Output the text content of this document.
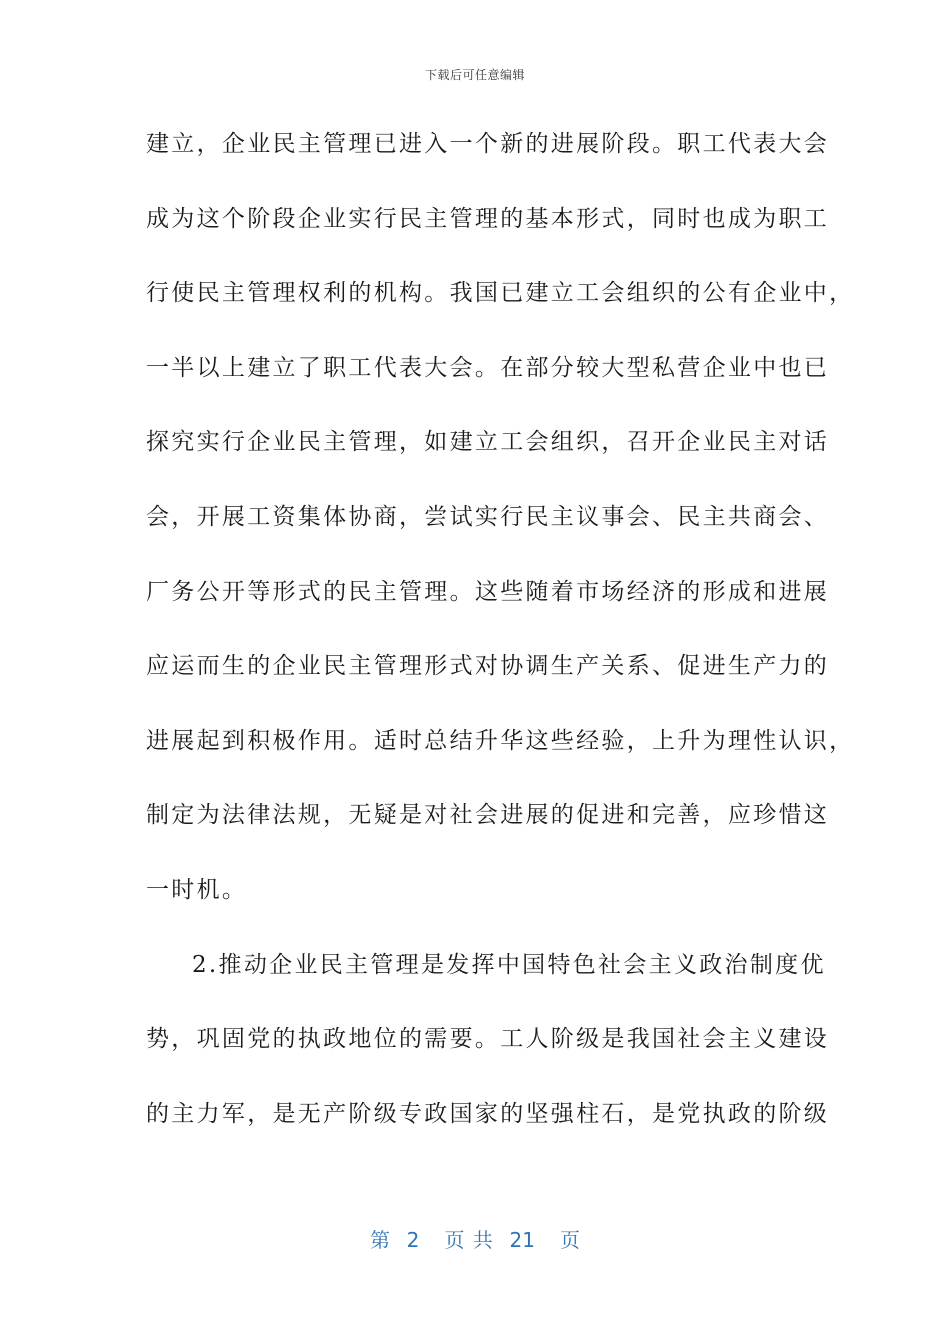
下载后可任意编辑
建立，企业民主管理已进入一个新的进展阶段。职工代表大会
成为这个阶段企业实行民主管理的基本形式，同时也成为职工
行使民主管理权利的机构。我国已建立工会组织的公有企业中，
一半以上建立了职工代表大会。在部分较大型私营企业中也已
探究实行企业民主管理，如建立工会组织，召开企业民主对话
会，开展工资集体协商，尝试实行民主议事会、民主共商会、
厂务公开等形式的民主管理。这些随着市场经济的形成和进展
应运而生的企业民主管理形式对协调生产关系、促进生产力的
进展起到积极作用。适时总结升华这些经验，上升为理性认识，
制定为法律法规，无疑是对社会进展的促进和完善，应珍惜这
一时机。
2.推动企业民主管理是发挥中国特色社会主义政治制度优
势，巩固党的执政地位的需要。工人阶级是我国社会主义建设
的主力军，是无产阶级专政国家的坚强柱石，是党执政的阶级
第  2   页 共  21   页
